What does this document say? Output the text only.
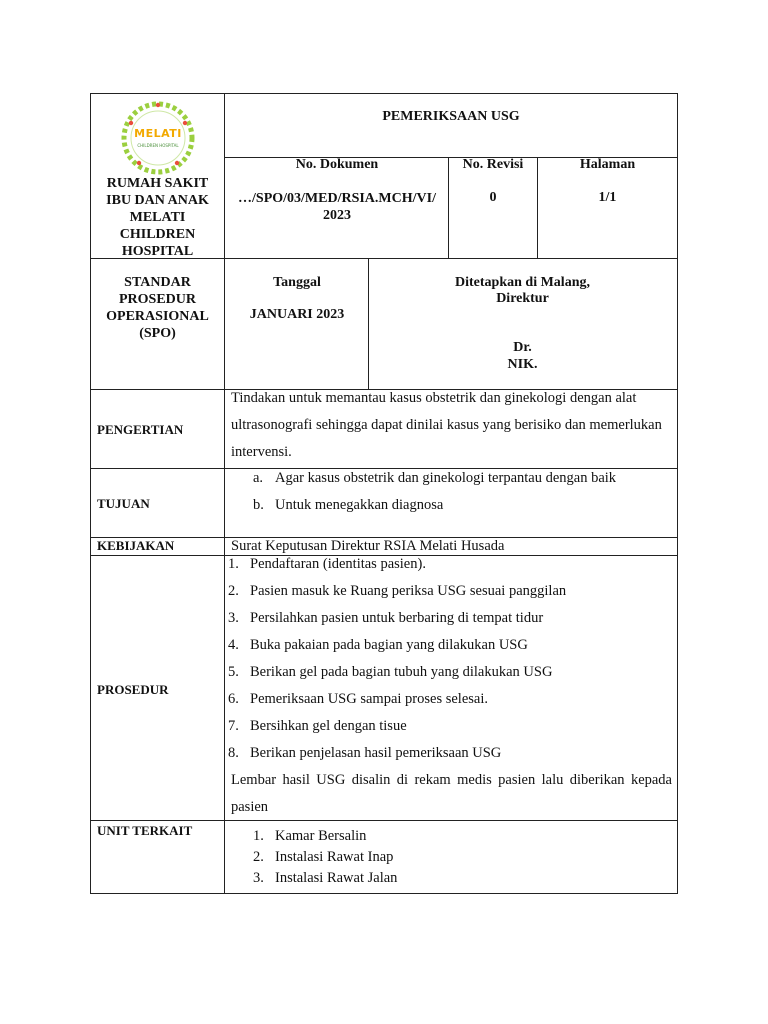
MELATI
CHILDREN HOSPITAL
RUMAH SAKIT IBU DAN ANAK MELATI CHILDREN HOSPITAL
PEMERIKSAAN USG
No. Dokumen
…/SPO/03/MED/RSIA.MCH/VI/ 2023
No. Revisi
0
Halaman
1/1
STANDAR PROSEDUR OPERASIONAL (SPO)
Tanggal
JANUARI 2023
Ditetapkan di Malang,
Direktur
Dr.
NIK.
PENGERTIAN
Tindakan untuk memantau kasus obstetrik dan ginekologi dengan alat ultrasonografi sehingga dapat dinilai kasus yang berisiko dan memerlukan intervensi.
TUJUAN
a. Agar kasus obstetrik dan ginekologi terpantau dengan baik
b. Untuk menegakkan diagnosa
KEBIJAKAN	Surat Keputusan Direktur RSIA Melati Husada
PROSEDUR
1. Pendaftaran (identitas pasien).
2. Pasien masuk ke Ruang periksa USG sesuai panggilan
3. Persilahkan pasien untuk berbaring di tempat tidur
4. Buka pakaian pada bagian yang dilakukan USG
5. Berikan gel pada bagian tubuh yang dilakukan USG
6. Pemeriksaan USG sampai proses selesai.
7. Bersihkan gel dengan tisue
8. Berikan penjelasan hasil pemeriksaan USG
Lembar hasil USG disalin di rekam medis pasien lalu diberikan kepada pasien
UNIT TERKAIT	1. Kamar Bersalin
2. Instalasi Rawat Inap
3. Instalasi Rawat Jalan
